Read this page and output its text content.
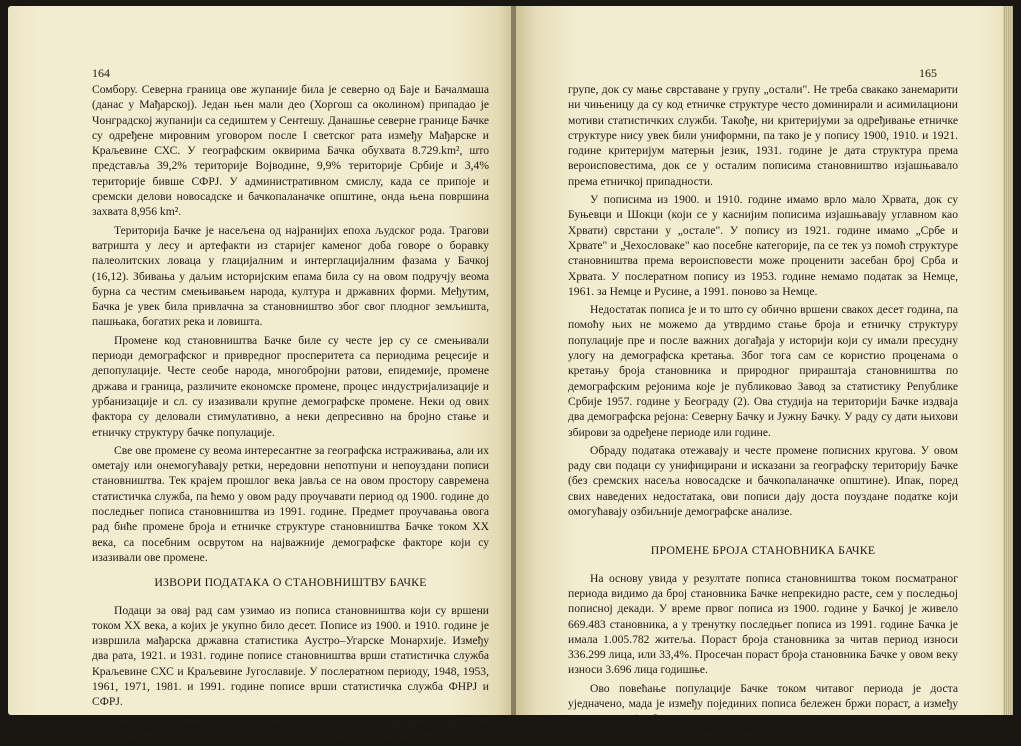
164

Сомбору. Северна граница ове жупаније била је северно од Баје и Бачалмаша (данас у Мађарској). Један њен мали део (Хоргош са околином) припадао је Чонградској жупанији са седиштем у Сентешу. Данашње северне границе Бачке су одређене мировним уговором после I светског рата између Мађарске и Краљевине СХС. У географским оквирима Бачка обухвата 8.729.km², што представља 39,2% територије Војводине, 9,9% територије Србије и 3,4% територије бивше СФРЈ. У административном смислу, када се припоје и сремски делови новосадске и бачкопаланачке општине, онда њена површина захвата 8,956 km².

Територија Бачке је насељена од најранијих епоха људског рода. Трагови ватришта у лесу и артефакти из старијег каменог доба говоре о боравку палеолитских ловаца у глацијалним и интерглацијалним фазама у Бачкој (16,12). Збивања у даљим историјским епама била су на овом подручју веома бурна са честим смењивањем народа, култура и државних форми. Међутим, Бачка је увек била привлачна за становништво због свог плодног земљишта, пашњака, богатих река и ловишта.

Промене код становништва Бачке биле су честе јер су се смењивали периоди демографског и привредног просперитета са периодима рецесије и депопулације. Честе сеобе народа, многобројни ратови, епидемије, промене држава и граница, различите економске промене, процес индустријализације и урбанизације и сл. су изазивали крупне демографске промене. Неки од ових фактора су деловали стимулативно, а неки депресивно на бројно стање и етничку структуру бачке популације.

Све ове промене су веома интересантне за географска истраживања, али их ометају или онемогућавају ретки, нередовни непотпуни и непоуздани пописи становништва. Тек крајем прошлог века јавља се на овом простору савремена статистичка служба, па ћемо у овом раду проучавати период од 1900. године до последњег пописа становништва из 1991. године. Предмет проучавања овога рад биће промене броја и етничке структуре становништва Бачке током XX века, са посебним осврутом на најважније демографске факторе који су изазивали ове промене.

ИЗВОРИ ПОДАТАКА О СТАНОВНИШТВУ БАЧКЕ

Подаци за овај рад сам узимао из пописа становништва који су вршени током XX века, а којих је укупно било десет. Пописе из 1900. и 1910. године је извршила мађарска државна статистика Аустро–Угарске Монархије. Између два рата, 1921. и 1931. године пописе становништва врши статистичка служба Краљевине СХС и Краљевине Југославије. У послератном периоду, 1948, 1953, 1961, 1971, 1981. и 1991. године пописе врши статистичка служба ФНРЈ и СФРЈ.

Пописи становништва нису увек поштовали исте принципе приликом издвајања етничких група, него су обично издвајане бројчано веће етничке

165

групе, док су мање сврставане у групу „остали". Не треба свакако занемарити ни чињеницу да су код етничке структуре често доминирали и асимилациони мотиви статистичких служби. Такође, ни критеријуми за одређивање етничке структуре нису увек били униформни, па тако је у попису 1900, 1910. и 1921. године критеријум матерњи језик, 1931. године је дата структура према вероисповестима, док се у осталим пописима становништво изјашњавало према етничкој припадности.

У пописима из 1900. и 1910. године имамо врло мало Хрвата, док су Буњевци и Шокци (који се у каснијим пописима изјашњавају углавном као Хрвати) сврстани у „остале". У попису из 1921. године имамо „Србе и Хрвате" и „Чехословаке" као посебне категорије, па се тек уз помоћ структуре становништва према вероисповести може проценити засебан број Срба и Хрвата. У послератном попису из 1953. године немамо податак за Немце, 1961. за Немце и Русине, а 1991. поново за Немце.

Недостатак пописа је и то што су обично вршени свакох десет година, па помоћу њих не можемо да утврдимо стање броја и етничку структуру популације пре и после важних догађаја у историји који су имали пресудну улогу на демографска кретања. Због тога сам се користио проценама о кретању броја становника и природног прираштаја становништва по демографским рејонима које је публиковао Завод за статистику Републике Србије 1957. године у Београду (2). Ова студија на територији Бачке издваја два демографска рејона: Северну Бачку и Јужну Бачку. У раду су дати њихови збирови за одређене периоде или године.

Обраду података отежавају и честе промене пописних кругова. У овом раду сви подаци су унифицирани и исказани за географску територију Бачке (без сремских насеља новосадске и бачкопаланачке општине). Ипак, поред свих наведених недостатака, ови пописи дају доста поуздане податке који омогућавају озбиљније демографске анализе.

ПРОМЕНЕ БРОЈА СТАНОВНИКА БАЧКЕ

На основу увида у резултате пописа становништва током посматраног периода видимо да број становника Бачке непрекидно расте, сем у последњој пописној декади. У време првог пописа из 1900. године у Бачкој је живело 669.483 становника, а у тренутку последњег пописа из 1991. године Бачка је имала 1.005.782 житеља. Пораст броја становника за читав период износи 336.299 лица, или 33,4%. Просечан пораст броја становника Бачке у овом веку износи 3.696 лица годишње.

Ово повећање популације Бачке током читавог периода је доста уједначено, мада је између појединих пописа бележен бржи пораст, а између других спорији. Ове промене можемо уочити анализом пописа становништва који су у Бачкој током овог века регистровали следеће резултате:
